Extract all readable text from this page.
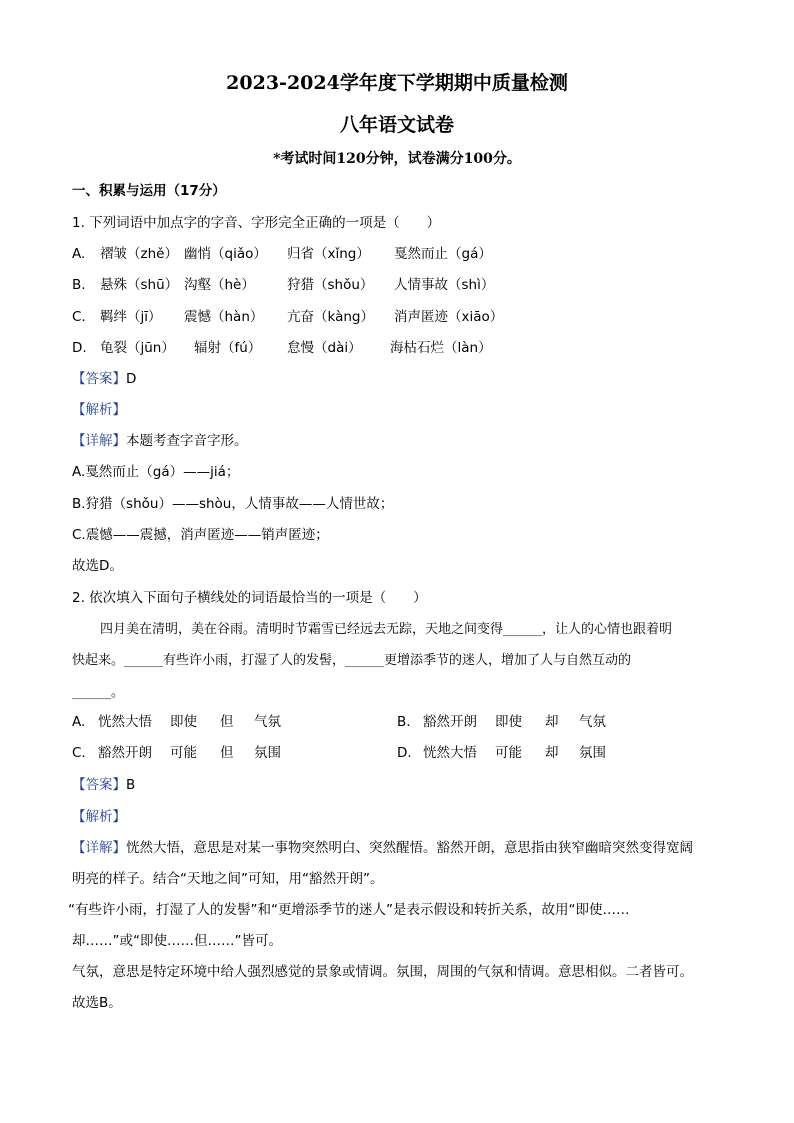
2023-2024学年度下学期期中质量检测
八年语文试卷
*考试时间120分钟，试卷满分100分。
一、积累与运用（17分）
1. 下列词语中加点字的字音、字形完全正确的一项是（　　）
A. 褶皱（zhě） 幽悄（qiǎo） 归省（xǐng） 戛然而止（gá）
B. 悬殊（shū） 沟壑（hè） 狩猎（shǒu） 人情事故（shì）
C. 羁绊（jī） 震憾（hàn） 亢奋（kàng） 消声匿迹（xiāo）
D. 龟裂（jūn） 辐射（fú） 怠慢（dài） 海枯石烂（làn）
【答案】D
【解析】
【详解】本题考查字音字形。
A.戛然而止（gá）——jiá；
B.狩猎（shǒu）——shòu，人情事故——人情世故；
C.震憾——震撼，消声匿迹——销声匿迹；
故选D。
2. 依次填入下面句子横线处的词语最恰当的一项是（　　）
四月美在清明，美在谷雨。清明时节霜雪已经远去无踪，天地之间变得______，让人的心情也跟着明
快起来。______有些许小雨，打湿了人的发髻，______更增添季节的迷人，增加了人与自然互动的
______。
A. 恍然大悟 即使 但 气氛	B. 豁然开朗 即使 却 气氛
C. 豁然开朗 可能 但 氛围	D. 恍然大悟 可能 却 氛围
【答案】B
【解析】
【详解】恍然大悟，意思是对某一事物突然明白、突然醒悟。豁然开朗，意思指由狭窄幽暗突然变得宽阔
明亮的样子。结合“天地之间”可知，用“豁然开朗”。
“有些许小雨，打湿了人的发髻”和“更增添季节的迷人”是表示假设和转折关系，故用“即使……
却……”或“即使……但……”皆可。
气氛，意思是特定环境中给人强烈感觉的景象或情调。氛围，周围的气氛和情调。意思相似。二者皆可。
故选B。
